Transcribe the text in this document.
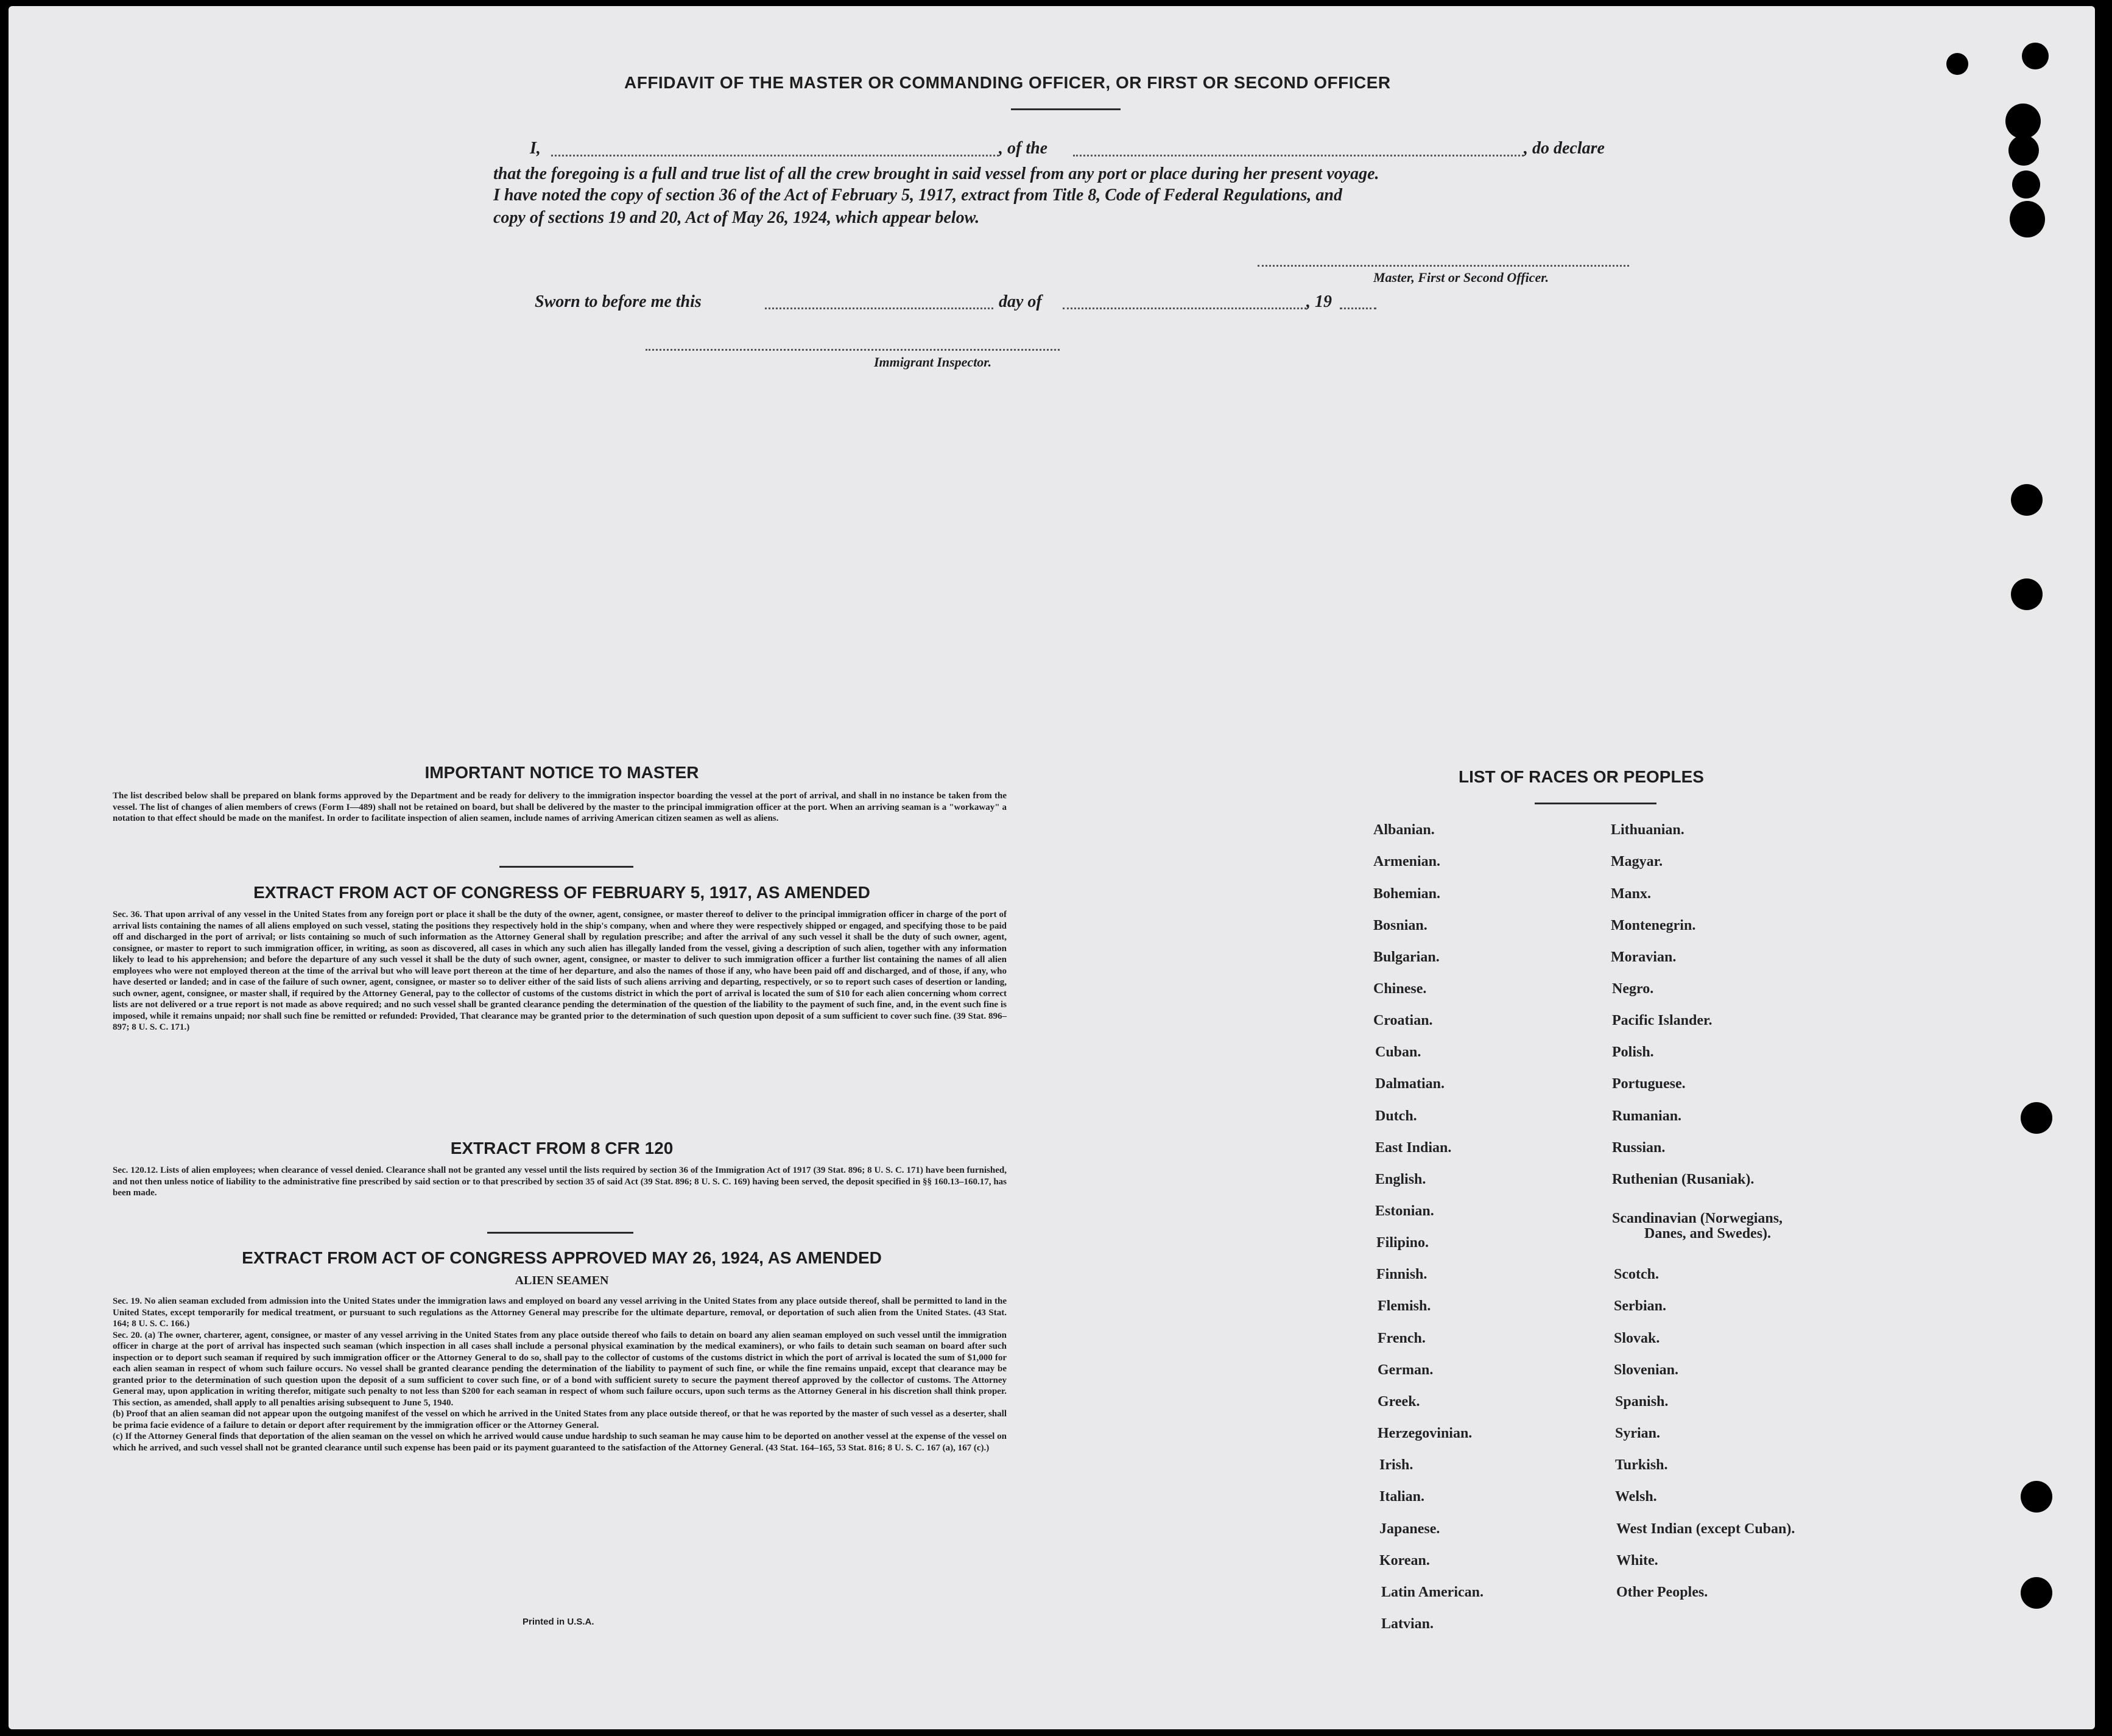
AFFIDAVIT OF THE MASTER OR COMMANDING OFFICER, OR FIRST OR SECOND OFFICER
I,	, of the	, do declare
that the foregoing is a full and true list of all the crew brought in said vessel from any port or place during her present voyage.
I have noted the copy of section 36 of the Act of February 5, 1917, extract from Title 8, Code of Federal Regulations, and
copy of sections 19 and 20, Act of May 26, 1924, which appear below.
Master, First or Second Officer.
Sworn to before me this	day of	, 19
Immigrant Inspector.
IMPORTANT NOTICE TO MASTER
The list described below shall be prepared on blank forms approved by the Department and be ready for delivery to the immigration inspector boarding the vessel at the port of arrival, and shall in no instance be taken from the vessel. The list of changes of alien members of crews (Form I—489) shall not be retained on board, but shall be delivered by the master to the principal immigration officer at the port. When an arriving seaman is a "workaway" a notation to that effect should be made on the manifest. In order to facilitate inspection of alien seamen, include names of arriving American citizen seamen as well as aliens.
EXTRACT FROM ACT OF CONGRESS OF FEBRUARY 5, 1917, AS AMENDED
Sec. 36. That upon arrival of any vessel in the United States from any foreign port or place it shall be the duty of the owner, agent, consignee, or master thereof to deliver to the principal immigration officer in charge of the port of arrival lists containing the names of all aliens employed on such vessel, stating the positions they respectively hold in the ship's company, when and where they were respectively shipped or engaged, and specifying those to be paid off and discharged in the port of arrival; or lists containing so much of such information as the Attorney General shall by regulation prescribe; and after the arrival of any such vessel it shall be the duty of such owner, agent, consignee, or master to report to such immigration officer, in writing, as soon as discovered, all cases in which any such alien has illegally landed from the vessel, giving a description of such alien, together with any information likely to lead to his apprehension; and before the departure of any such vessel it shall be the duty of such owner, agent, consignee, or master to deliver to such immigration officer a further list containing the names of all alien employees who were not employed thereon at the time of the arrival but who will leave port thereon at the time of her departure, and also the names of those if any, who have been paid off and discharged, and of those, if any, who have deserted or landed; and in case of the failure of such owner, agent, consignee, or master so to deliver either of the said lists of such aliens arriving and departing, respectively, or so to report such cases of desertion or landing, such owner, agent, consignee, or master shall, if required by the Attorney General, pay to the collector of customs of the customs district in which the port of arrival is located the sum of $10 for each alien concerning whom correct lists are not delivered or a true report is not made as above required; and no such vessel shall be granted clearance pending the determination of the question of the liability to the payment of such fine, and, in the event such fine is imposed, while it remains unpaid; nor shall such fine be remitted or refunded: Provided, That clearance may be granted prior to the determination of such question upon deposit of a sum sufficient to cover such fine. (39 Stat. 896–897; 8 U. S. C. 171.)
EXTRACT FROM 8 CFR 120
Sec. 120.12. Lists of alien employees; when clearance of vessel denied. Clearance shall not be granted any vessel until the lists required by section 36 of the Immigration Act of 1917 (39 Stat. 896; 8 U. S. C. 171) have been furnished, and not then unless notice of liability to the administrative fine prescribed by said section or to that prescribed by section 35 of said Act (39 Stat. 896; 8 U. S. C. 169) having been served, the deposit specified in §§ 160.13–160.17, has been made.
EXTRACT FROM ACT OF CONGRESS APPROVED MAY 26, 1924, AS AMENDED
ALIEN SEAMEN
Sec. 19. No alien seaman excluded from admission into the United States under the immigration laws and employed on board any vessel arriving in the United States from any place outside thereof, shall be permitted to land in the United States, except temporarily for medical treatment, or pursuant to such regulations as the Attorney General may prescribe for the ultimate departure, removal, or deportation of such alien from the United States. (43 Stat. 164; 8 U. S. C. 166.)
Sec. 20. (a) The owner, charterer, agent, consignee, or master of any vessel arriving in the United States from any place outside thereof who fails to detain on board any alien seaman employed on such vessel until the immigration officer in charge at the port of arrival has inspected such seaman (which inspection in all cases shall include a personal physical examination by the medical examiners), or who fails to detain such seaman on board after such inspection or to deport such seaman if required by such immigration officer or the Attorney General to do so, shall pay to the collector of customs of the customs district in which the port of arrival is located the sum of $1,000 for each alien seaman in respect of whom such failure occurs. No vessel shall be granted clearance pending the determination of the liability to payment of such fine, or while the fine remains unpaid, except that clearance may be granted prior to the determination of such question upon the deposit of a sum sufficient to cover such fine, or of a bond with sufficient surety to secure the payment thereof approved by the collector of customs. The Attorney General may, upon application in writing therefor, mitigate such penalty to not less than $200 for each seaman in respect of whom such failure occurs, upon such terms as the Attorney General in his discretion shall think proper. This section, as amended, shall apply to all penalties arising subsequent to June 5, 1940.
(b) Proof that an alien seaman did not appear upon the outgoing manifest of the vessel on which he arrived in the United States from any place outside thereof, or that he was reported by the master of such vessel as a deserter, shall be prima facie evidence of a failure to detain or deport after requirement by the immigration officer or the Attorney General.
(c) If the Attorney General finds that deportation of the alien seaman on the vessel on which he arrived would cause undue hardship to such seaman he may cause him to be deported on another vessel at the expense of the vessel on which he arrived, and such vessel shall not be granted clearance until such expense has been paid or its payment guaranteed to the satisfaction of the Attorney General. (43 Stat. 164–165, 53 Stat. 816; 8 U. S. C. 167 (a), 167 (c).)
Printed in U.S.A.
LIST OF RACES OR PEOPLES
Albanian.
Armenian.
Bohemian.
Bosnian.
Bulgarian.
Chinese.
Croatian.
Cuban.
Dalmatian.
Dutch.
East Indian.
English.
Estonian.
Filipino.
Finnish.
Flemish.
French.
German.
Greek.
Herzegovinian.
Irish.
Italian.
Japanese.
Korean.
Latin American.
Latvian.
Lithuanian.
Magyar.
Manx.
Montenegrin.
Moravian.
Negro.
Pacific Islander.
Polish.
Portuguese.
Rumanian.
Russian.
Ruthenian (Rusaniak).
Scandinavian (Norwegians,
Danes, and Swedes).
Scotch.
Serbian.
Slovak.
Slovenian.
Spanish.
Syrian.
Turkish.
Welsh.
West Indian (except Cuban).
White.
Other Peoples.
